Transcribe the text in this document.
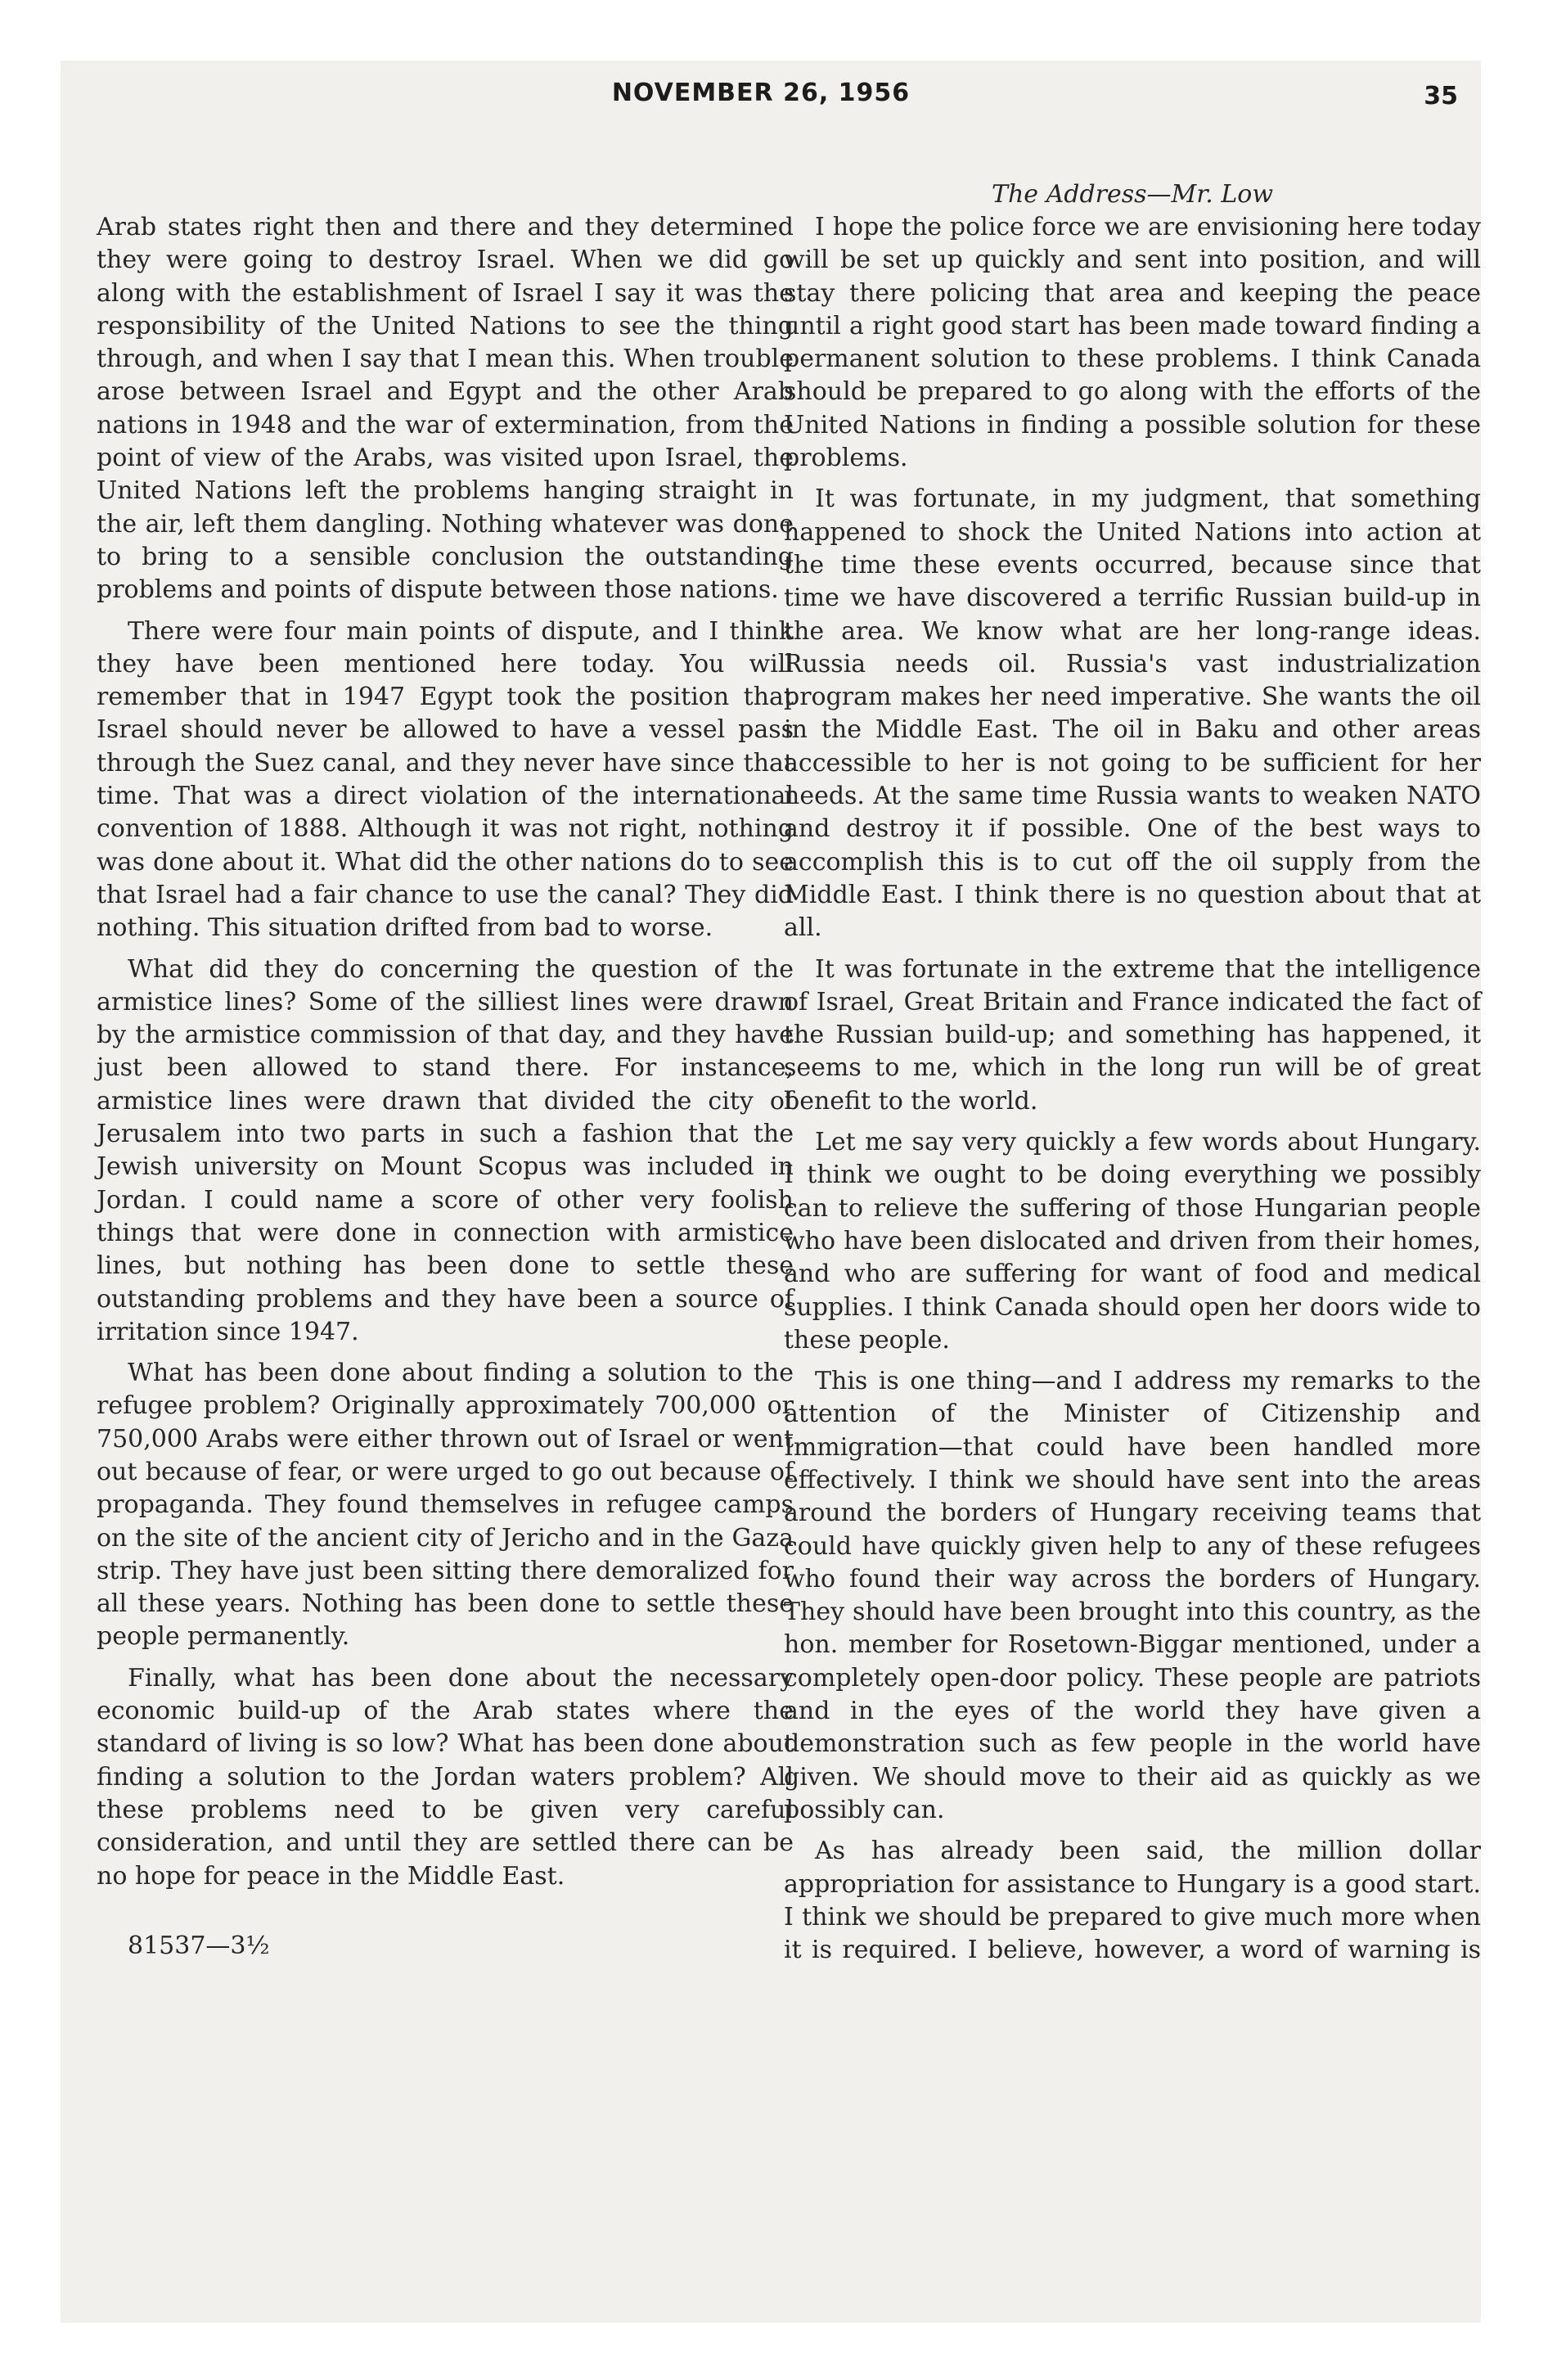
NOVEMBER 26, 1956	35
The Address—Mr. Low

Arab states right then and there and they determined they were going to destroy Israel. When we did go along with the establishment of Israel I say it was the responsibility of the United Nations to see the thing through, and when I say that I mean this. When trouble arose between Israel and Egypt and the other Arab nations in 1948 and the war of extermination, from the point of view of the Arabs, was visited upon Israel, the United Nations left the problems hanging straight in the air, left them dangling. Nothing whatever was done to bring to a sensible conclusion the outstanding problems and points of dispute between those nations.

There were four main points of dispute, and I think they have been mentioned here today. You will remember that in 1947 Egypt took the position that Israel should never be allowed to have a vessel pass through the Suez canal, and they never have since that time. That was a direct violation of the international convention of 1888. Although it was not right, nothing was done about it. What did the other nations do to see that Israel had a fair chance to use the canal? They did nothing. This situation drifted from bad to worse.

What did they do concerning the question of the armistice lines? Some of the silliest lines were drawn by the armistice commission of that day, and they have just been allowed to stand there. For instance, armistice lines were drawn that divided the city of Jerusalem into two parts in such a fashion that the Jewish university on Mount Scopus was included in Jordan. I could name a score of other very foolish things that were done in connection with armistice lines, but nothing has been done to settle these outstanding problems and they have been a source of irritation since 1947.

What has been done about finding a solution to the refugee problem? Originally approximately 700,000 or 750,000 Arabs were either thrown out of Israel or went out because of fear, or were urged to go out because of propaganda. They found themselves in refugee camps on the site of the ancient city of Jericho and in the Gaza strip. They have just been sitting there demoralized for all these years. Nothing has been done to settle these people permanently.

Finally, what has been done about the necessary economic build-up of the Arab states where the standard of living is so low? What has been done about finding a solution to the Jordan waters problem? All these problems need to be given very careful consideration, and until they are settled there can be no hope for peace in the Middle East.

81537—3½

I hope the police force we are envisioning here today will be set up quickly and sent into position, and will stay there policing that area and keeping the peace until a right good start has been made toward finding a permanent solution to these problems. I think Canada should be prepared to go along with the efforts of the United Nations in finding a possible solution for these problems.

It was fortunate, in my judgment, that something happened to shock the United Nations into action at the time these events occurred, because since that time we have discovered a terrific Russian build-up in the area. We know what are her long-range ideas. Russia needs oil. Russia's vast industrialization program makes her need imperative. She wants the oil in the Middle East. The oil in Baku and other areas accessible to her is not going to be sufficient for her needs. At the same time Russia wants to weaken NATO and destroy it if possible. One of the best ways to accomplish this is to cut off the oil supply from the Middle East. I think there is no question about that at all.

It was fortunate in the extreme that the intelligence of Israel, Great Britain and France indicated the fact of the Russian build-up; and something has happened, it seems to me, which in the long run will be of great benefit to the world.

Let me say very quickly a few words about Hungary. I think we ought to be doing everything we possibly can to relieve the suffering of those Hungarian people who have been dislocated and driven from their homes, and who are suffering for want of food and medical supplies. I think Canada should open her doors wide to these people.

This is one thing—and I address my remarks to the attention of the Minister of Citizenship and Immigration—that could have been handled more effectively. I think we should have sent into the areas around the borders of Hungary receiving teams that could have quickly given help to any of these refugees who found their way across the borders of Hungary. They should have been brought into this country, as the hon. member for Rosetown-Biggar mentioned, under a completely open-door policy. These people are patriots and in the eyes of the world they have given a demonstration such as few people in the world have given. We should move to their aid as quickly as we possibly can.

As has already been said, the million dollar appropriation for assistance to Hungary is a good start. I think we should be prepared to give much more when it is required. I believe, however, a word of warning is
